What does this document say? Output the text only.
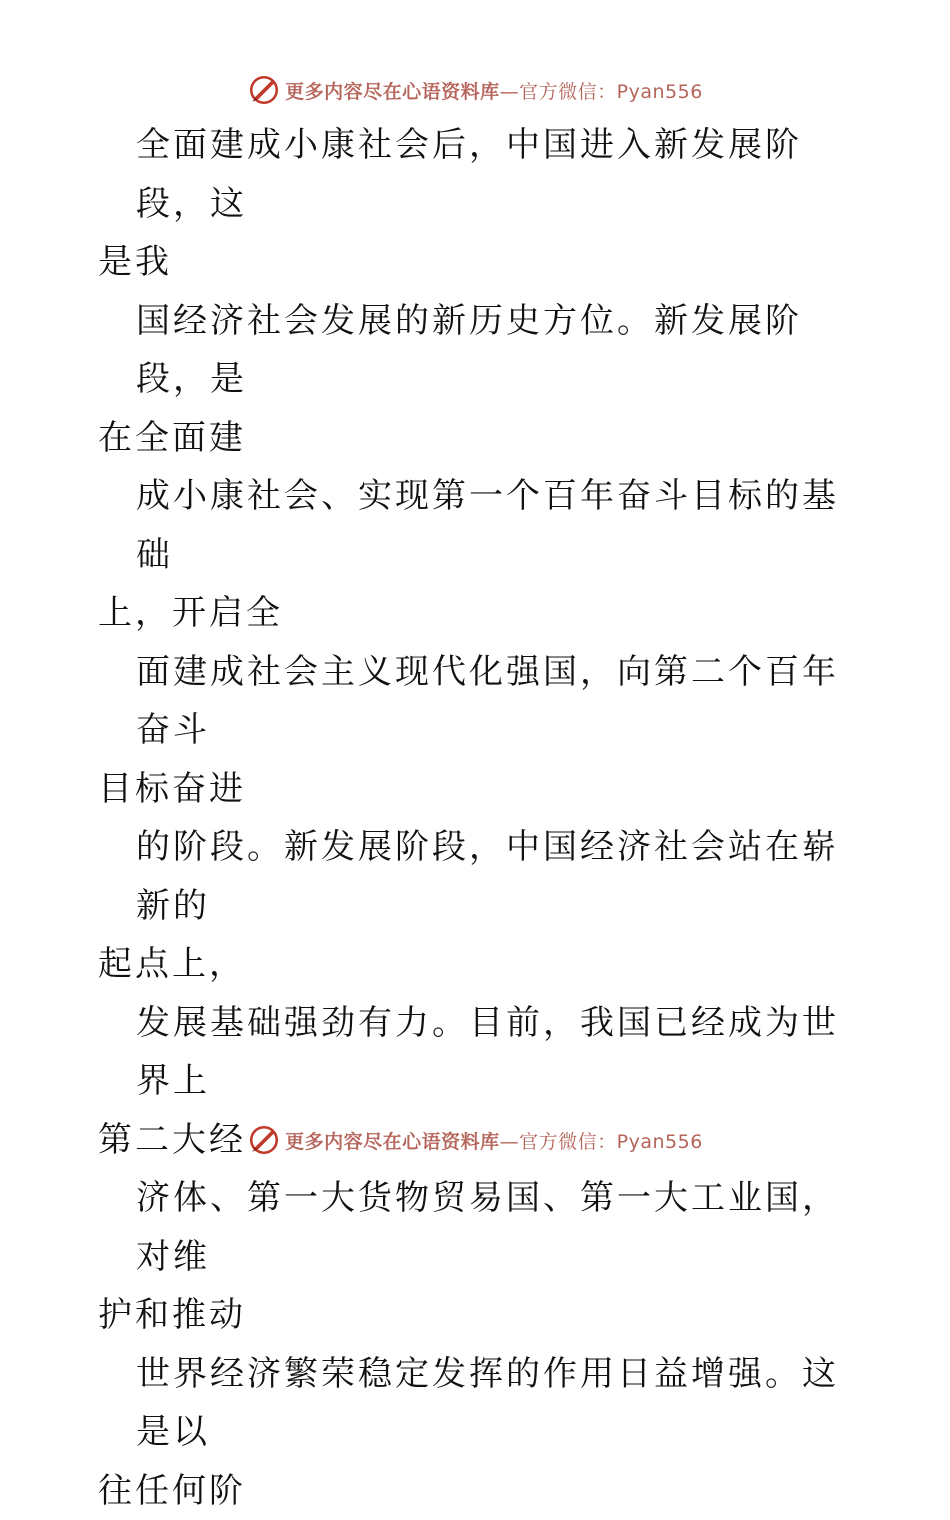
更多内容尽在心语资料库—官方微信：Pyan556

全面建成小康社会后，中国进入新发展阶段，这
是我

国经济社会发展的新历史方位。新发展阶段，是
在全面建

成小康社会、实现第一个百年奋斗目标的基础
上，开启全

面建成社会主义现代化强国，向第二个百年奋斗
目标奋进

的阶段。新发展阶段，中国经济社会站在崭新的
起点上，

发展基础强劲有力。目前，我国已经成为世界上
第二大经

济体、第一大货物贸易国、第一大工业国，对维
护和推动

世界经济繁荣稳定发挥的作用日益增强。这是以
往任何阶

更多内容尽在心语资料库—官方微信：Pyan556
